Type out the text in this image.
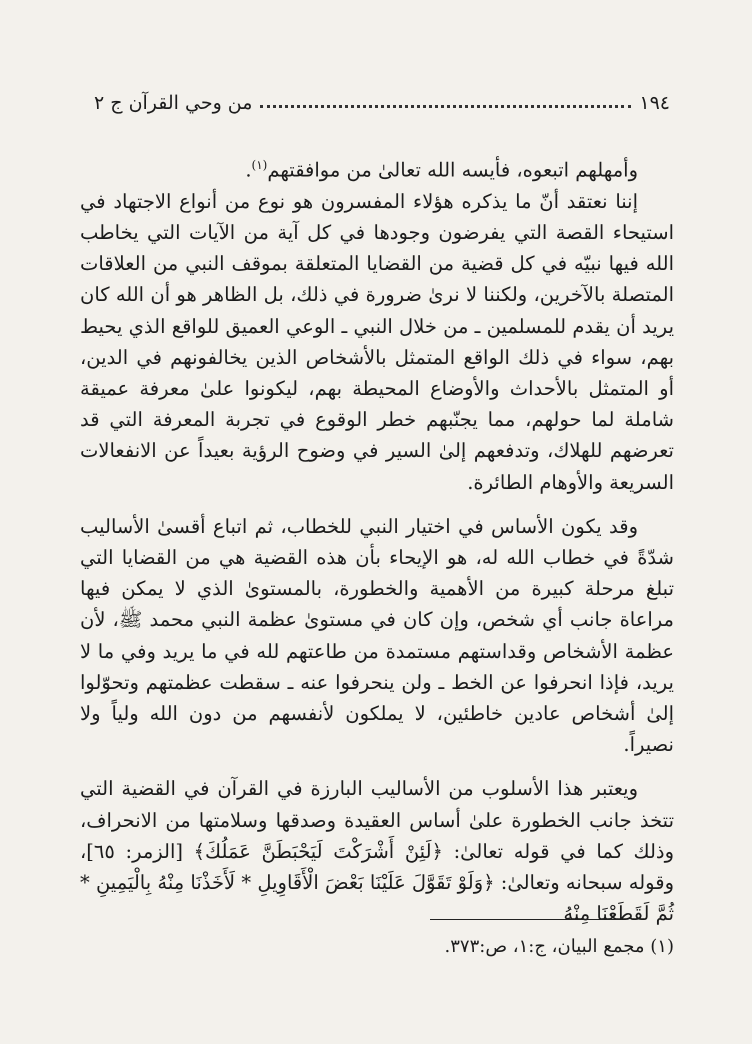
١٩٤
من وحي القرآن ج ٢

وأمهلهم اتبعوه، فأيسه الله تعالىٰ من موافقتهم$^{(١)}$.

إننا نعتقد أنّ ما يذكره هؤلاء المفسرون هو نوع من أنواع الاجتهاد في استيحاء القصة التي يفرضون وجودها في كل آية من الآيات التي يخاطب الله فيها نبيّه في كل قضية من القضايا المتعلقة بموقف النبي من العلاقات المتصلة بالآخرين، ولكننا لا نرىٰ ضرورة في ذلك، بل الظاهر هو أن الله كان يريد أن يقدم للمسلمين ـ من خلال النبي ـ الوعي العميق للواقع الذي يحيط بهم، سواء في ذلك الواقع المتمثل بالأشخاص الذين يخالفونهم في الدين، أو المتمثل بالأحداث والأوضاع المحيطة بهم، ليكونوا علىٰ معرفة عميقة شاملة لما حولهم، مما يجنّبهم خطر الوقوع في تجربة المعرفة التي قد تعرضهم للهلاك، وتدفعهم إلىٰ السير في وضوح الرؤية بعيداً عن الانفعالات السريعة والأوهام الطائرة.

وقد يكون الأساس في اختيار النبي للخطاب، ثم اتباع أقسىٰ الأساليب شدّةً في خطاب الله له، هو الإيحاء بأن هذه القضية هي من القضايا التي تبلغ مرحلة كبيرة من الأهمية والخطورة، بالمستوىٰ الذي لا يمكن فيها مراعاة جانب أي شخص، وإن كان في مستوىٰ عظمة النبي محمد ﷺ، لأن عظمة الأشخاص وقداستهم مستمدة من طاعتهم لله في ما يريد وفي ما لا يريد، فإذا انحرفوا عن الخط ـ ولن ينحرفوا عنه ـ سقطت عظمتهم وتحوّلوا إلىٰ أشخاص عادين خاطئين، لا يملكون لأنفسهم من دون الله ولياً ولا نصيراً.

ويعتبر هذا الأسلوب من الأساليب البارزة في القرآن في القضية التي تتخذ جانب الخطورة علىٰ أساس العقيدة وصدقها وسلامتها من الانحراف، وذلك كما في قوله تعالىٰ: ﴿لَئِنْ أَشْرَكْتَ لَيَحْبَطَنَّ عَمَلُكَ﴾ [الزمر: ٦٥]، وقوله سبحانه وتعالىٰ: ﴿وَلَوْ تَقَوَّلَ عَلَيْنَا بَعْضَ الْأَقَاوِيلِ * لَأَخَذْنَا مِنْهُ بِالْيَمِينِ * ثُمَّ لَقَطَعْنَا مِنْهُ

(١) مجمع البيان، ج:١، ص:٣٧٣.
